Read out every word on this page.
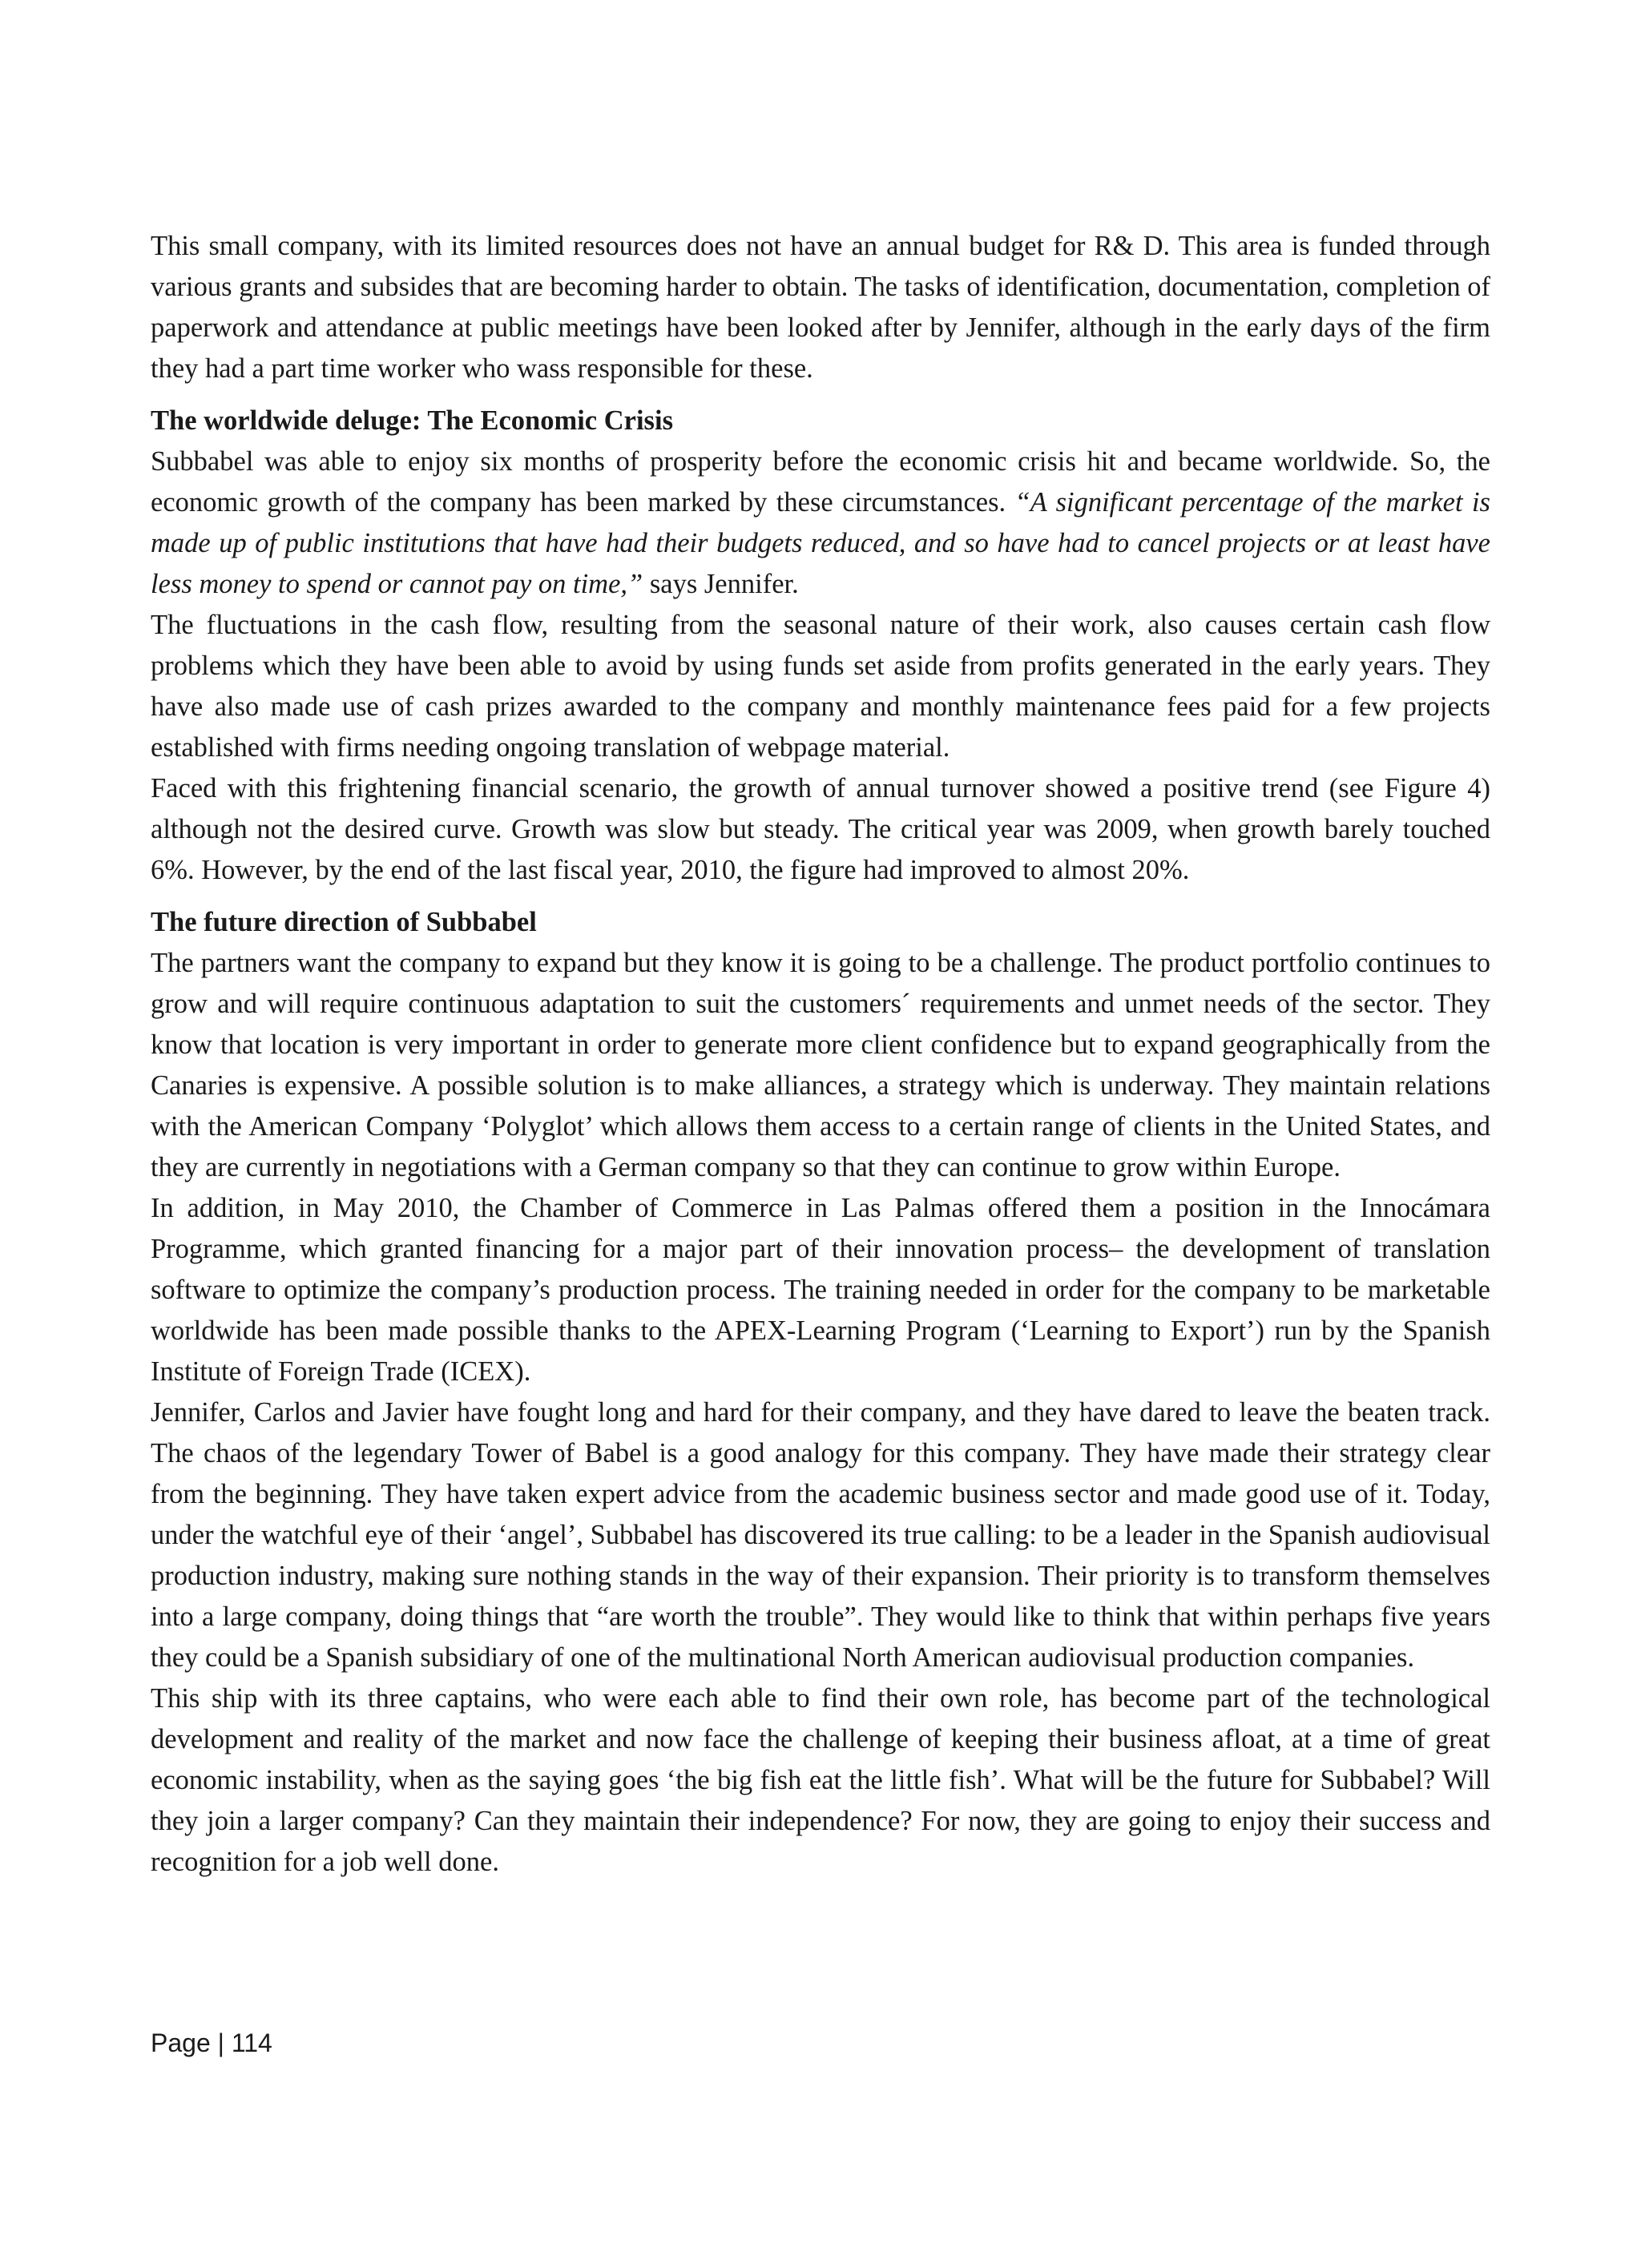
This small company, with its limited resources does not have an annual budget for R& D. This area is funded through various grants and subsides that are becoming harder to obtain. The tasks of identification, documentation, completion of paperwork and attendance at public meetings have been looked after by Jennifer, although in the early days of the firm they had a part time worker who wass responsible for these.

The worldwide deluge: The Economic Crisis

Subbabel was able to enjoy six months of prosperity before the economic crisis hit and became worldwide. So, the economic growth of the company has been marked by these circumstances. “A significant percentage of the market is made up of public institutions that have had their budgets reduced, and so have had to cancel projects or at least have less money to spend or cannot pay on time,” says Jennifer.

The fluctuations in the cash flow, resulting from the seasonal nature of their work, also causes certain cash flow problems which they have been able to avoid by using funds set aside from profits generated in the early years. They have also made use of cash prizes awarded to the company and monthly maintenance fees paid for a few projects established with firms needing ongoing translation of webpage material.

Faced with this frightening financial scenario, the growth of annual turnover showed a positive trend (see Figure 4) although not the desired curve. Growth was slow but steady. The critical year was 2009, when growth barely touched 6%. However, by the end of the last fiscal year, 2010, the figure had improved to almost 20%.

The future direction of Subbabel

The partners want the company to expand but they know it is going to be a challenge. The product portfolio continues to grow and will require continuous adaptation to suit the customers´ requirements and unmet needs of the sector. They know that location is very important in order to generate more client confidence but to expand geographically from the Canaries is expensive. A possible solution is to make alliances, a strategy which is underway. They maintain relations with the American Company ‘Polyglot’ which allows them access to a certain range of clients in the United States, and they are currently in negotiations with a German company so that they can continue to grow within Europe.

In addition, in May 2010, the Chamber of Commerce in Las Palmas offered them a position in the Innocámara Programme, which granted financing for a major part of their innovation process– the development of translation software to optimize the company’s production process. The training needed in order for the company to be marketable worldwide has been made possible thanks to the APEX-Learning Program (‘Learning to Export’) run by the Spanish Institute of Foreign Trade (ICEX).

Jennifer, Carlos and Javier have fought long and hard for their company, and they have dared to leave the beaten track. The chaos of the legendary Tower of Babel is a good analogy for this company. They have made their strategy clear from the beginning. They have taken expert advice from the academic business sector and made good use of it. Today, under the watchful eye of their ‘angel’, Subbabel has discovered its true calling: to be a leader in the Spanish audiovisual production industry, making sure nothing stands in the way of their expansion. Their priority is to transform themselves into a large company, doing things that “are worth the trouble”. They would like to think that within perhaps five years they could be a Spanish subsidiary of one of the multinational North American audiovisual production companies.

This ship with its three captains, who were each able to find their own role, has become part of the technological development and reality of the market and now face the challenge of keeping their business afloat, at a time of great economic instability, when as the saying goes ‘the big fish eat the little fish’. What will be the future for Subbabel? Will they join a larger company? Can they maintain their independence? For now, they are going to enjoy their success and recognition for a job well done.

Page | 114
